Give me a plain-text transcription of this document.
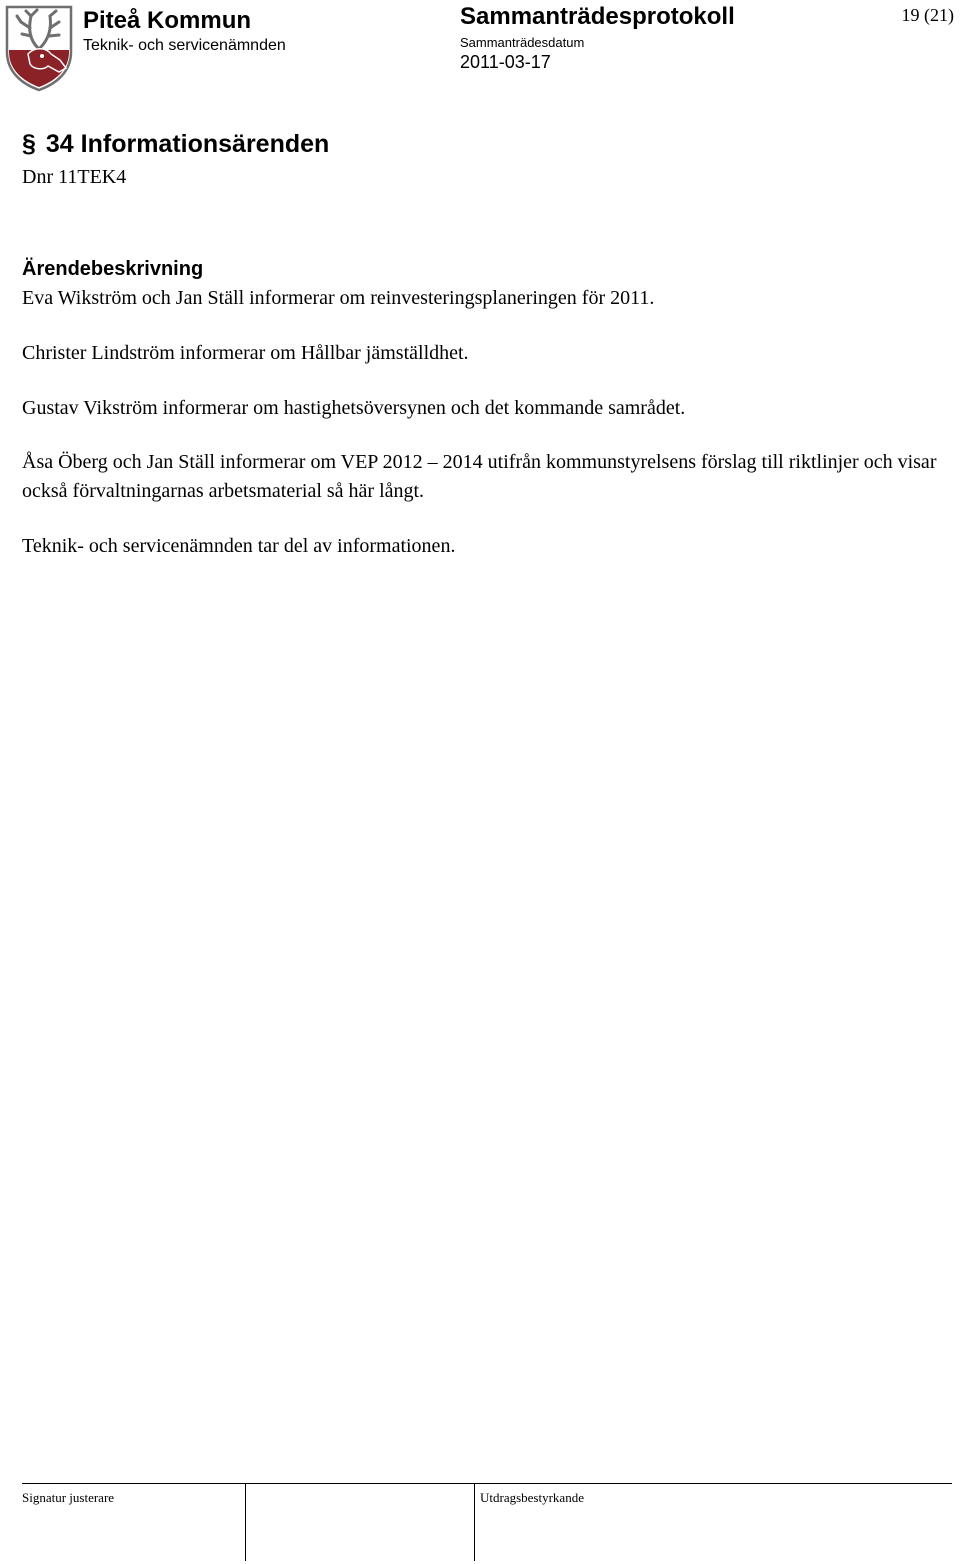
Piteå Kommun
Teknik- och servicenämnden
Sammanträdesprotokoll
Sammanträdesdatum
2011-03-17
19 (21)
§ 34 Informationsärenden
Dnr 11TEK4
Ärendebeskrivning

Eva Wikström och Jan Ställ informerar om reinvesteringsplaneringen för 2011.

Christer Lindström informerar om Hållbar jämställdhet.

Gustav Vikström informerar om hastighetsöversynen och det kommande samrådet.

Åsa Öberg och Jan Ställ informerar om VEP 2012 – 2014 utifrån kommunstyrelsens förslag till riktlinjer och visar också förvaltningarnas arbetsmaterial så här långt.

Teknik- och servicenämnden tar del av informationen.

Signatur justerare	Utdragsbestyrkande
